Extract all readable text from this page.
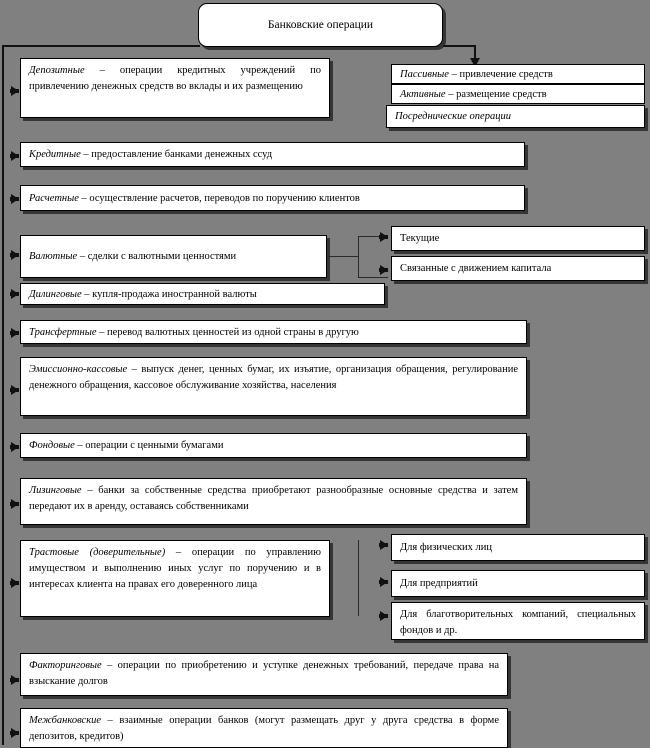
Банковские операции
Пассивные – привлечение средств
Активные – размещение средств
Посреднические операции
Депозитные – операции кредитных учреждений по привлечению денежных средств во вклады и их размещению
Кредитные – предоставление банками денежных ссуд
Расчетные – осуществление расчетов, переводов по поручению клиентов
Валютные – сделки с валютными ценностями
Текущие
Связанные с движением капитала
Дилинговые – купля-продажа иностранной валюты
Трансфертные – перевод валютных ценностей из одной страны в другую
Эмиссионно-кассовые – выпуск денег, ценных бумаг, их изъятие, организация обращения, регулирование денежного обращения, кассовое обслуживание хозяйства, населения
Фондовые – операции с ценными бумагами
Лизинговые – банки за собственные средства приобретают разнообразные основные средства и затем передают их в аренду, оставаясь собственниками
Трастовые (доверительные) – операции по управлению имуществом и выполнению иных услуг по поручению и в интересах клиента на правах его доверенного лица
Для физических лиц
Для предприятий
Для благотворительных компаний, специальных фондов и др.
Факторинговые – операции по приобретению и уступке денежных требований, передаче права на взыскание долгов
Межбанковские – взаимные операции банков (могут размещать друг у друга средства в форме депозитов, кредитов)
